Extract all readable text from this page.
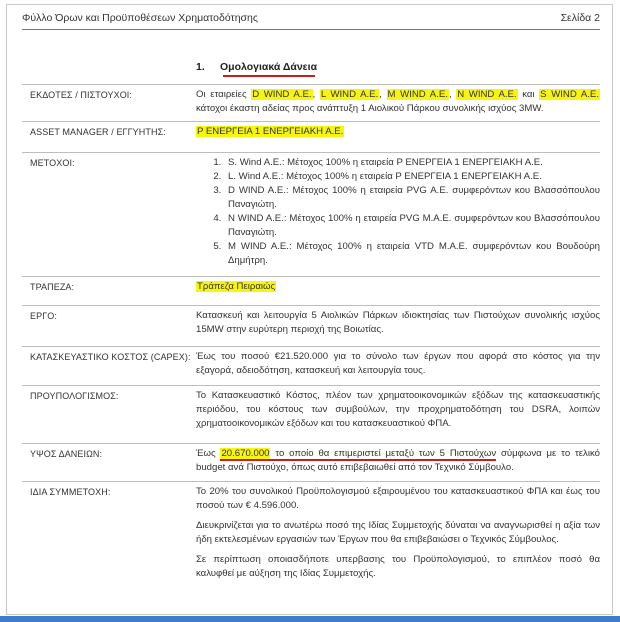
Φύλλο Όρων και Προϋποθέσεων Χρηματοδότησης	Σελίδα 2
1. Ομολογιακά Δάνεια
ΕΚΔΟΤΕΣ / ΠΙΣΤΟΥΧΟΙ:	Οι εταιρείες D WIND A.E., L WIND A.E., M WIND A.E., N WIND A.E. και S WIND A.E. κάτοχοι έκαστη αδείας προς ανάπτυξη 1 Αιολικού Πάρκου συνολικής ισχύος 3MW.
ASSET MANAGER / ΕΓΓΥΗΤΗΣ:	Ρ ΕΝΕΡΓΕΙΑ 1 ΕΝΕΡΓΕΙΑΚΗ Α.Ε.
ΜΕΤΟΧΟΙ:
1.	S. Wind A.E.: Μέτοχος 100% η εταιρεία Ρ ΕΝΕΡΓΕΙΑ 1 ΕΝΕΡΓΕΙΑΚΗ Α.Ε.
2. L. Wind A.E.: Μέτοχος 100% η εταιρεία Ρ ΕΝΕΡΓΕΙΑ 1 ΕΝΕΡΓΕΙΑΚΗ Α.Ε.
3. D WIND A.E.: Μέτοχος 100% η εταιρεία PVG A.E. συμφερόντων κου Βλασσόπουλου Παναγιώτη.
4. N WIND A.E.: Μέτοχος 100% η εταιρεία PVG Μ.Α.Ε. συμφερόντων κου Βλασσόπουλου Παναγιώτη.
5. M WIND A.E.: Μέτοχος 100% η εταιρεία VTD Μ.Α.Ε. συμφερόντων κου Βουδούρη Δημήτρη.
ΤΡΑΠΕΖΑ:	Τράπεζα Πειραιώς
ΕΡΓΟ:	Κατασκευή και λειτουργία 5 Αιολικών Πάρκων ιδιοκτησίας των Πιστούχων συνολικής ισχύος 15MW στην ευρύτερη περιοχή της Βοιωτίας.
ΚΑΤΑΣΚΕΥΑΣΤΙΚΟ ΚΟΣΤΟΣ (CAPEX): Έως του ποσού €21.520.000 για το σύνολο των έργων που αφορά στο κόστος για την εξαγορά, αδειοδότηση, κατασκευή και λειτουργία τους.
ΠΡΟΥΠΟΛΟΓΙΣΜΟΣ:	Το Κατασκευαστικό Κόστος, πλέον των χρηματοοικονομικών εξόδων της κατασκευαστικής περιόδου, του κόστους των συμβούλων, την προχρηματοδότηση του DSRA, λοιπών χρηματοοικονομικών εξόδων και του κατασκευαστικού ΦΠΑ.
ΥΨΟΣ ΔΑΝΕΙΩΝ:	Έως 20.670.000 το οποίο θα επιμεριστεί μεταξύ των 5 Πιστούχων σύμφωνα με το τελικό budget ανά Πιστούχο, όπως αυτό επιβεβαιωθεί από τον Τεχνικό Σύμβουλο.
ΙΔΙΑ ΣΥΜΜΕΤΟΧΗ:	Το 20% του συνολικού Προϋπολογισμού εξαιρουμένου του κατασκευαστικού ΦΠΑ και έως του ποσού των € 4.596.000.

Διευκρινίζεται για το ανωτέρω ποσό της Ιδίας Συμμετοχής δύναται να αναγνωρισθεί η αξία των ήδη εκτελεσμένων εργασιών των Έργων που θα επιβεβαιώσει ο Τεχνικός Σύμβουλος.

Σε περίπτωση οποιασδήποτε υπερβασης του Προϋπολογισμού, το επιπλέον ποσό θα καλυφθεί με αύξηση της Ιδίας Συμμετοχής.
